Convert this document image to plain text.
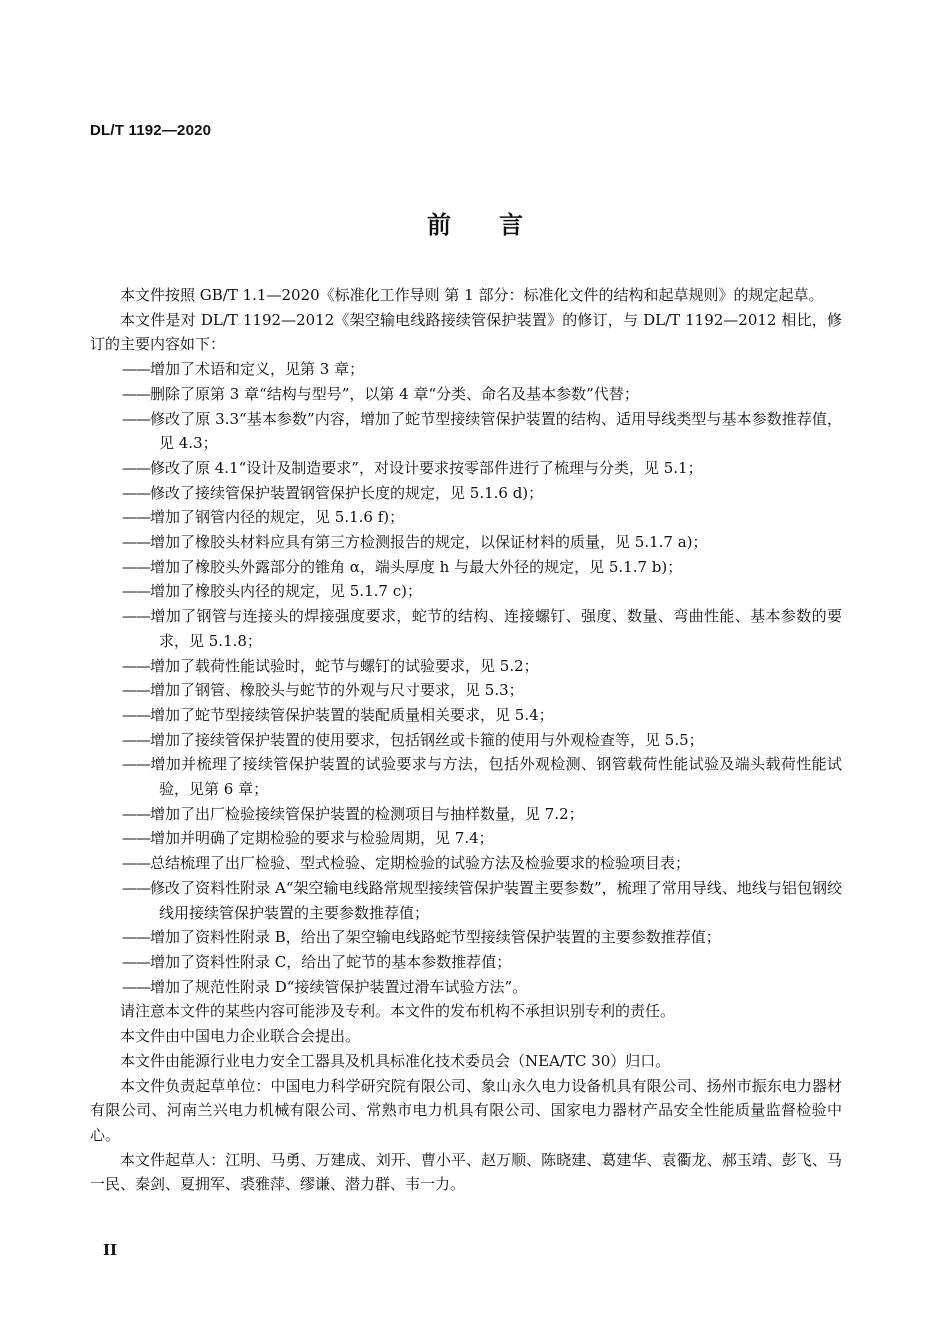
DL/T 1192—2020
前言

本文件按照 GB/T 1.1—2020《标准化工作导则 第 1 部分：标准化文件的结构和起草规则》的规定起草。

本文件是对 DL/T 1192—2012《架空输电线路接续管保护装置》的修订，与 DL/T 1192—2012 相比，修订的主要内容如下：

——增加了术语和定义，见第 3 章；

——删除了原第 3 章“结构与型号”，以第 4 章“分类、命名及基本参数”代替；

——修改了原 3.3“基本参数”内容，增加了蛇节型接续管保护装置的结构、适用导线类型与基本参数推荐值，见 4.3；

——修改了原 4.1“设计及制造要求”，对设计要求按零部件进行了梳理与分类，见 5.1；

——修改了接续管保护装置钢管保护长度的规定，见 5.1.6 d)；

——增加了钢管内径的规定，见 5.1.6 f)；

——增加了橡胶头材料应具有第三方检测报告的规定，以保证材料的质量，见 5.1.7 a)；

——增加了橡胶头外露部分的锥角 α，端头厚度 h 与最大外径的规定，见 5.1.7 b)；

——增加了橡胶头内径的规定，见 5.1.7 c)；

——增加了钢管与连接头的焊接强度要求，蛇节的结构、连接螺钉、强度、数量、弯曲性能、基本参数的要求，见 5.1.8；

——增加了载荷性能试验时，蛇节与螺钉的试验要求，见 5.2；

——增加了钢管、橡胶头与蛇节的外观与尺寸要求，见 5.3；

——增加了蛇节型接续管保护装置的装配质量相关要求，见 5.4；

——增加了接续管保护装置的使用要求，包括钢丝或卡箍的使用与外观检查等，见 5.5；

——增加并梳理了接续管保护装置的试验要求与方法，包括外观检测、钢管载荷性能试验及端头载荷性能试验，见第 6 章；

——增加了出厂检验接续管保护装置的检测项目与抽样数量，见 7.2；

——增加并明确了定期检验的要求与检验周期，见 7.4；

——总结梳理了出厂检验、型式检验、定期检验的试验方法及检验要求的检验项目表；

——修改了资料性附录 A“架空输电线路常规型接续管保护装置主要参数”，梳理了常用导线、地线与铝包钢绞线用接续管保护装置的主要参数推荐值；

——增加了资料性附录 B，给出了架空输电线路蛇节型接续管保护装置的主要参数推荐值；

——增加了资料性附录 C，给出了蛇节的基本参数推荐值；

——增加了规范性附录 D“接续管保护装置过滑车试验方法”。

请注意本文件的某些内容可能涉及专利。本文件的发布机构不承担识别专利的责任。

本文件由中国电力企业联合会提出。

本文件由能源行业电力安全工器具及机具标准化技术委员会（NEA/TC 30）归口。

本文件负责起草单位：中国电力科学研究院有限公司、象山永久电力设备机具有限公司、扬州市振东电力器材有限公司、河南兰兴电力机械有限公司、常熟市电力机具有限公司、国家电力器材产品安全性能质量监督检验中心。

本文件起草人：江明、马勇、万建成、刘开、曹小平、赵万顺、陈晓建、葛建华、袁衢龙、郝玉靖、彭飞、马一民、秦剑、夏拥军、裘雅萍、缪谦、潜力群、韦一力。

II
